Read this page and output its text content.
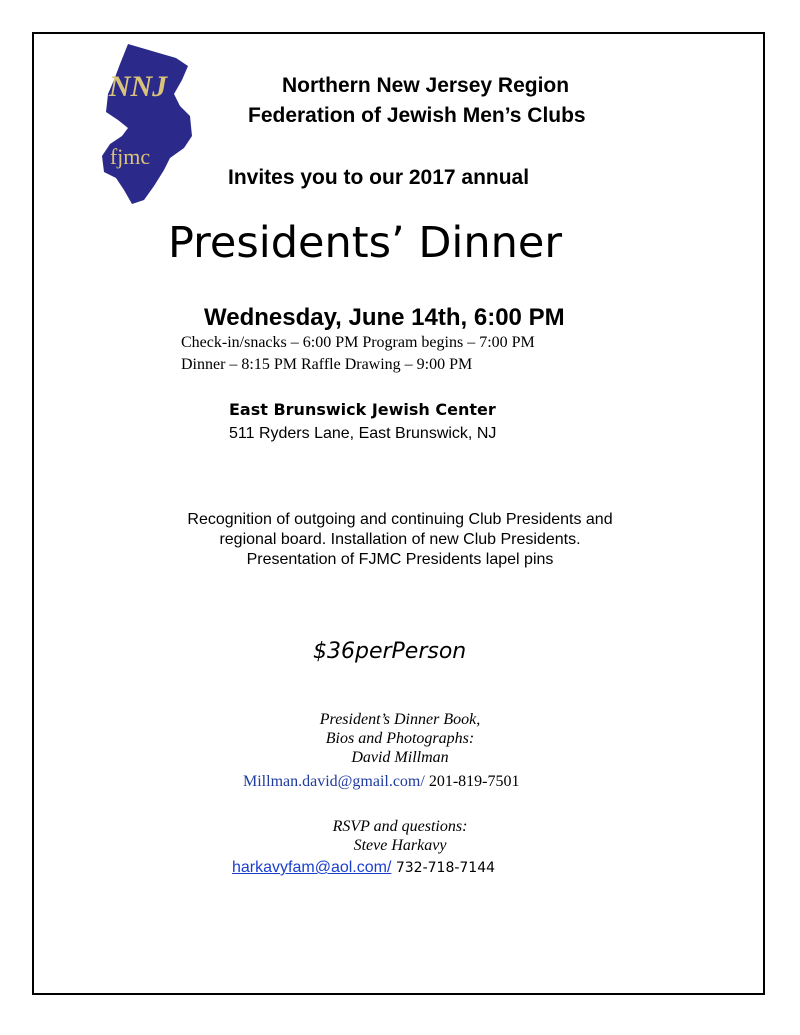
NNJ
fjmc
Northern New Jersey Region
Federation of Jewish Men’s Clubs
Invites you to our 2017 annual
Presidents’ Dinner
Wednesday, June 14th, 6:00 PM
Check-in/snacks – 6:00 PM Program begins – 7:00 PM
Dinner – 8:15 PM Raffle Drawing – 9:00 PM
East Brunswick Jewish Center
511 Ryders Lane, East Brunswick, NJ
Recognition of outgoing and continuing Club Presidents and regional board. Installation of new Club Presidents. Presentation of FJMC Presidents lapel pins
$36perPerson
President’s Dinner Book,
Bios and Photographs:
David Millman
Millman.david@gmail.com/ 201-819-7501
RSVP and questions:
Steve Harkavy
harkavyfam@aol.com/ 732-718-7144
